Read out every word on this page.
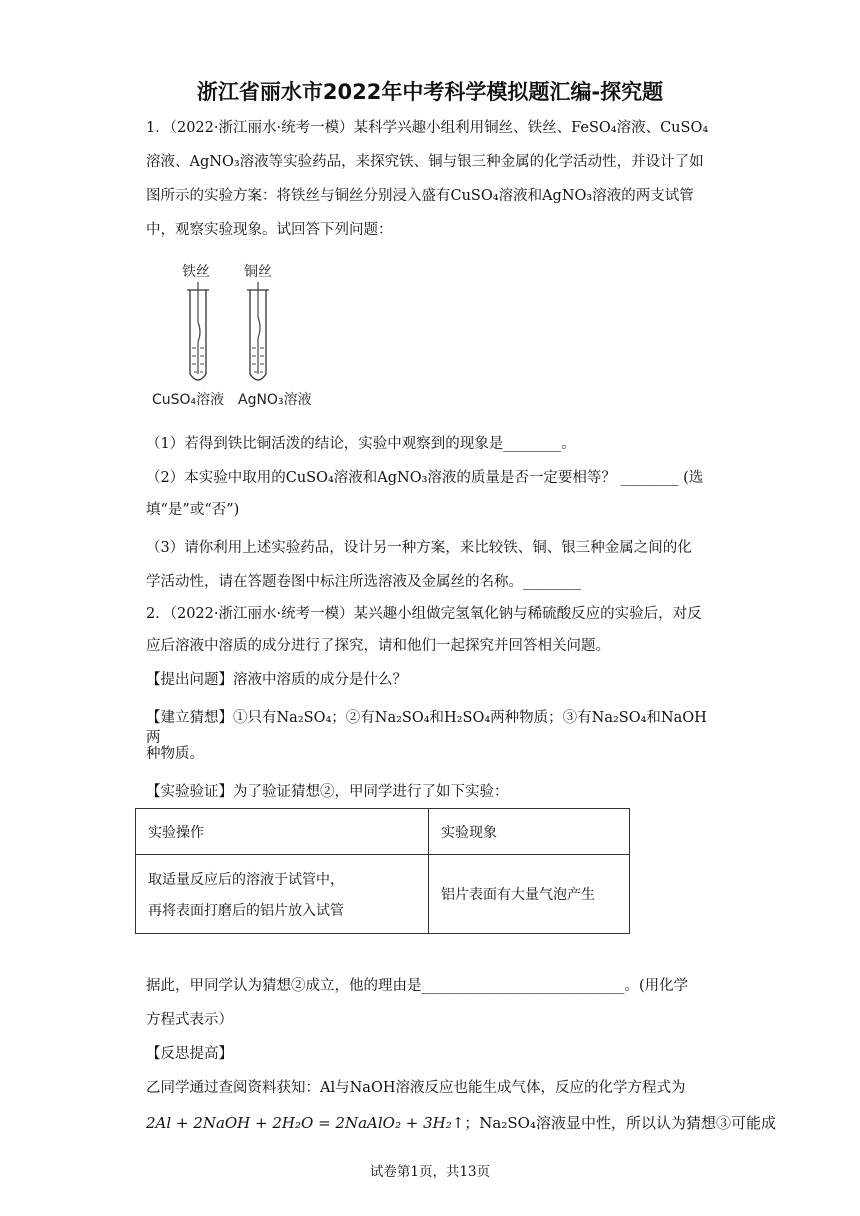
浙江省丽水市2022年中考科学模拟题汇编-探究题
1．（2022·浙江丽水·统考一模）某科学兴趣小组利用铜丝、铁丝、FeSO₄溶液、CuSO₄
溶液、AgNO₃溶液等实验药品，来探究铁、铜与银三种金属的化学活动性，并设计了如
图所示的实验方案：将铁丝与铜丝分别浸入盛有CuSO₄溶液和AgNO₃溶液的两支试管
中，观察实验现象。试回答下列问题：
铁丝 铜丝
CuSO₄溶液 AgNO₃溶液
（1）若得到铁比铜活泼的结论，实验中观察到的现象是________。
（2）本实验中取用的CuSO₄溶液和AgNO₃溶液的质量是否一定要相等？ ________ (选
填“是”或“否”)
（3）请你利用上述实验药品，设计另一种方案，来比较铁、铜、银三种金属之间的化
学活动性，请在答题卷图中标注所选溶液及金属丝的名称。________
2．（2022·浙江丽水·统考一模）某兴趣小组做完氢氧化钠与稀硫酸反应的实验后，对反
应后溶液中溶质的成分进行了探究，请和他们一起探究并回答相关问题。
【提出问题】溶液中溶质的成分是什么？
【建立猜想】①只有Na₂SO₄；②有Na₂SO₄和H₂SO₄两种物质；③有Na₂SO₄和NaOH两
种物质。
【实验验证】为了验证猜想②，甲同学进行了如下实验：
实验操作	实验现象

取适量反应后的溶液于试管中，
再将表面打磨后的铝片放入试管	铝片表面有大量气泡产生
据此，甲同学认为猜想②成立，他的理由是____________________________。(用化学
方程式表示）
【反思提高】
乙同学通过查阅资料获知：Al与NaOH溶液反应也能生成气体，反应的化学方程式为
2Al + 2NaOH + 2H₂O = 2NaAlO₂ + 3H₂↑；Na₂SO₄溶液显中性，所以认为猜想③可能成
试卷第1页，共13页
